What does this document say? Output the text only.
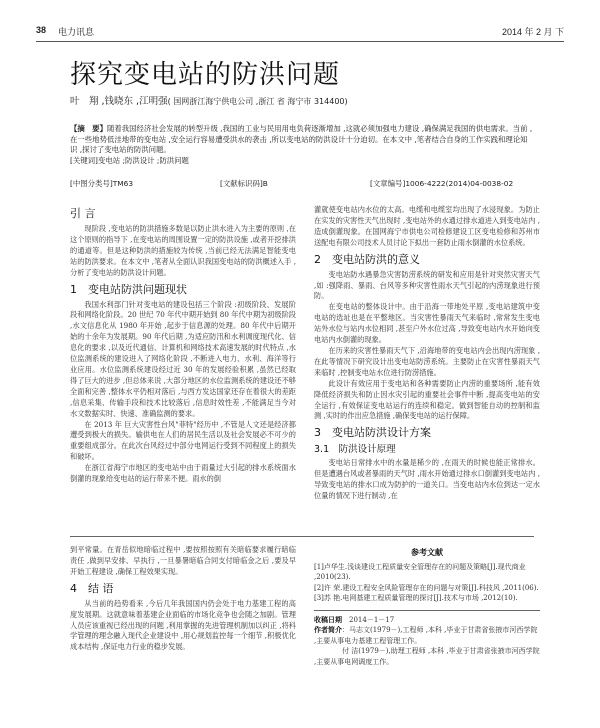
38 电力讯息	2014 年 2 月 下
探究变电站的防洪问题
叶　翔 ,钱晓东 ,江明强( 国网浙江海宁供电公司 ,浙江 省 海宁市 314400)
【摘　要】随着我国经济社会发展的转型升级 ,我国的工业与民用用电负荷逐渐增加 ,这就必须加强电力建设 ,确保满足我国的供电需求。当前 ,在一些地势低洼地带的变电站 ,安全运行容易遭受洪水的袭击 ,所以变电站的防洪设计十分迫切。在本文中 ,笔者结合自身的工作实践和理论知识 ,探讨了变电站的防洪问题。
[关键词]变电站 ;防洪设计 ;防洪问题
[中图分类号]TM63	[文献标识码]B	[文章编号]1006-4222(2014)04-0038-02
引 言

现阶段 ,变电站的防洪措施多数是以防止洪水进入为主要的原则 ,在这个原则的指导下 ,在变电站的周围设置一定的防洪设施 ,或者开挖排洪的通道等。但是这种防洪的措施较为传统 ,当前已经无法满足智能变电站的防洪要求。在本文中 ,笔者从全面认识我国变电站的防洪概述入手 ,分析了变电站的防洪设计问题。

1　变电站防洪问题现状

我国水利部门针对变电站的建设包括三个阶段 :初级阶段、发展阶段和网络化阶段。20 世纪 70 年代中期开始到 80 年代中期为初级阶段 ,水文信息化从 1980 年开始 ,起步于信息源的处理。80 年代中后期开始的十余年为发展期。90 年代后期 ,为适应防汛和水利调度现代化、信息化的要求 ,以及近代通信、计算机和网络技术高速发展的时代特点 ,水位监测系统的建设进入了网络化阶段 ,不断进入电力、水利、海洋等行业应用。水位监测系统建设经过近 30 年的发展经验积累 ,虽然已经取得了巨大的进步 ,但总体来说 ,大部分地区的水位监测系统的建设还不够全面和完善 ,整体水平仍相对落后 ,与西方发达国家还存在着很大的差距 ,信息采集、传输手段和技术比较落后 ,信息时效性差 ,不能满足当今对水文数据实时、快速、准确监测的要求。

在 2013 年 巨大灾害性台风"菲特"经历中 ,不管是人文还是经济都遭受到极大的损失。输供电在人们的居民生活以及社会发展必不可少的重要组成部分。在此次台风经过中部分电网运行受到不同程度上的损失和破坏。

在浙江省海宁市地区的变电站中由于雨量过大引起的排水系统面水倒灌的现象给变电站的运行带来不便。雨水的倒

灌就使变电站内水位的太高。电缆和电缆室均出现了水浸现象。为防止在实发的灾害性天气出现时 ,变电站外的水通过排水道进入到变电站内 ,造成倒灌现象。在国网海宁市供电公司检修建设工区变电检修和苏州市送配电有限公司技术人员讨论下拟出一套防止雨水倒灌的水位系统。

2　变电站防洪的意义

变电站防水遇暴急灾害防涝系统的研发和应用是针对突然灾害天气 ,如 :强降雨、暴雨、台风等多种灾害性雨水天气引起的内涝现象进行预防。

在变电站的整体设计中。由于沿海一带地处平原 ,变电站建筑中变电站的选址也是在平整地区。当灾害性暴雨天气来临时 ,常常发生变电站外水位与站内水位相同 ,甚至户外水位过高 ,导致变电站内水开始向变电站内水倒灌的现象。

在历来的灾害性暴雨天气下 ,沿海地带的变电站内会出现内涝现象 ,在此等情况下研究设计出变电站防涝系统。主要防止在灾害性暴雨天气来临时 ,控制变电站水位进行防涝措施。

此设计有效应用于变电站和各种需要防止内涝的重要场所 ,能有效降低经济损失和防止因水灾引起的重要社会事件中断 ,提高变电站的安全运行 ,有效保证变电站运行的连续和稳定。做到智能自动的控制和监测 ,实时的作出应急措施 ,确保变电站的运行保障。

3　变电站防洪设计方案
3.1　防洪设计原理

变电站日常排水中的水量是稀少的 ,在雨天的时候也能正常排水。但是遭遇台风或者暴雨的天气时 ,雨水开始通过排水口倒灌到变电站内 ,导致变电站的排水口成为防护的一道关口。当变电站内水位到达一定水位量的情况下进行制动 ,在

到平常量。在青岳似地暗临过程中 ,要按照按照有关暗临要求履行暗临责任 ,做到早安排、早执行 ,一旦暴暑暗临合同支付暗临金之后 ,要及早开始工程建设 ,确保工程效果实现。

4　结 语

从当前的趋势看来 ,今后几年我国国内仍会处于电力基建工程的高度发展期。这就意味着基建企业面临的市场化竞争也会随之加剧。管理人员应该重视已经出现的问题 ,利用掌握的先进管理机制加以纠正 ,将科学管理的理念融入现代企业建设中 ,用心规划监控每一个细节 ,积极优化成本结构 ,保证电力行业的稳步发展。

参考文献
[1]卢华生.浅谈建设工程质量安全管理存在的问题及策略[J].现代商业 ,2010(23).
[2]许 荣.建设工程安全风险管理存在的问题与对策[J].科技风 ,2011(06).
[3]苏 艳.电网基建工程质量管理的探讨[J].技术与市场 ,2012(10).
收稿日期　 2014－1－17
作者简介：马志文(1979－),工程师 ,本科 ,毕业于甘肃省张掖市河西学院 ,主要从事电力基建工程管理工作。
付 洁(1979－),助理工程师 ,本科 ,毕业于甘肃省张掖市河西学院 ,主要从事电网调度工作。
